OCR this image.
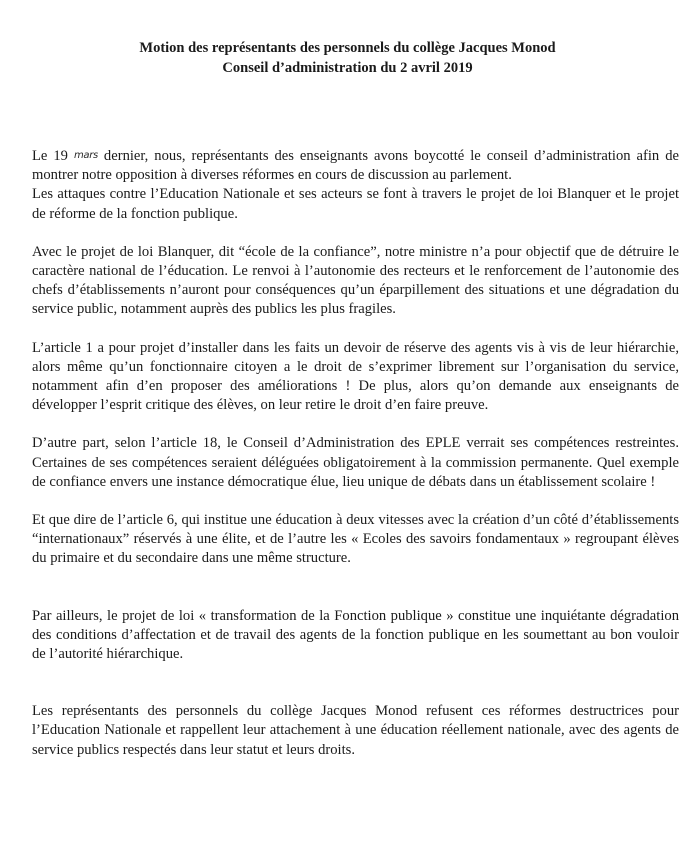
Motion des représentants des personnels du collège Jacques Monod
Conseil d’administration du 2 avril 2019

Le 19 mars dernier, nous, représentants des enseignants avons boycotté le conseil d’administration afin de montrer notre opposition à diverses réformes en cours de discussion au parlement.

Les attaques contre l’Education Nationale et ses acteurs se font à travers le projet de loi Blanquer et le projet de réforme de la fonction publique.

Avec le projet de loi Blanquer, dit “école de la confiance”, notre ministre n’a pour objectif que de détruire le caractère national de l’éducation. Le renvoi à l’autonomie des recteurs et le renforcement de l’autonomie des chefs d’établissements n’auront pour conséquences qu’un éparpillement des situations et une dégradation du service public, notamment auprès des publics les plus fragiles.

L’article 1 a pour projet d’installer dans les faits un devoir de réserve des agents vis à vis de leur hiérarchie, alors même qu’un fonctionnaire citoyen a le droit de s’exprimer librement sur l’organisation du service, notamment afin d’en proposer des améliorations ! De plus, alors qu’on demande aux enseignants de développer l’esprit critique des élèves, on leur retire le droit d’en faire preuve.

D’autre part, selon l’article 18, le Conseil d’Administration des EPLE verrait ses compétences restreintes. Certaines de ses compétences seraient déléguées obligatoirement à la commission permanente. Quel exemple de confiance envers une instance démocratique élue, lieu unique de débats dans un établissement scolaire !

Et que dire de l’article 6, qui institue une éducation à deux vitesses avec la création d’un côté d’établissements “internationaux” réservés à une élite, et de l’autre les « Ecoles des savoirs fondamentaux » regroupant élèves du primaire et du secondaire dans une même structure.

Par ailleurs, le projet de loi « transformation de la Fonction publique » constitue une inquiétante dégradation des conditions d’affectation et de travail des agents de la fonction publique en les soumettant au bon vouloir de l’autorité hiérarchique.

Les représentants des personnels du collège Jacques Monod refusent ces réformes destructrices pour l’Education Nationale et rappellent leur attachement à une éducation réellement nationale, avec des agents de service publics respectés dans leur statut et leurs droits.
